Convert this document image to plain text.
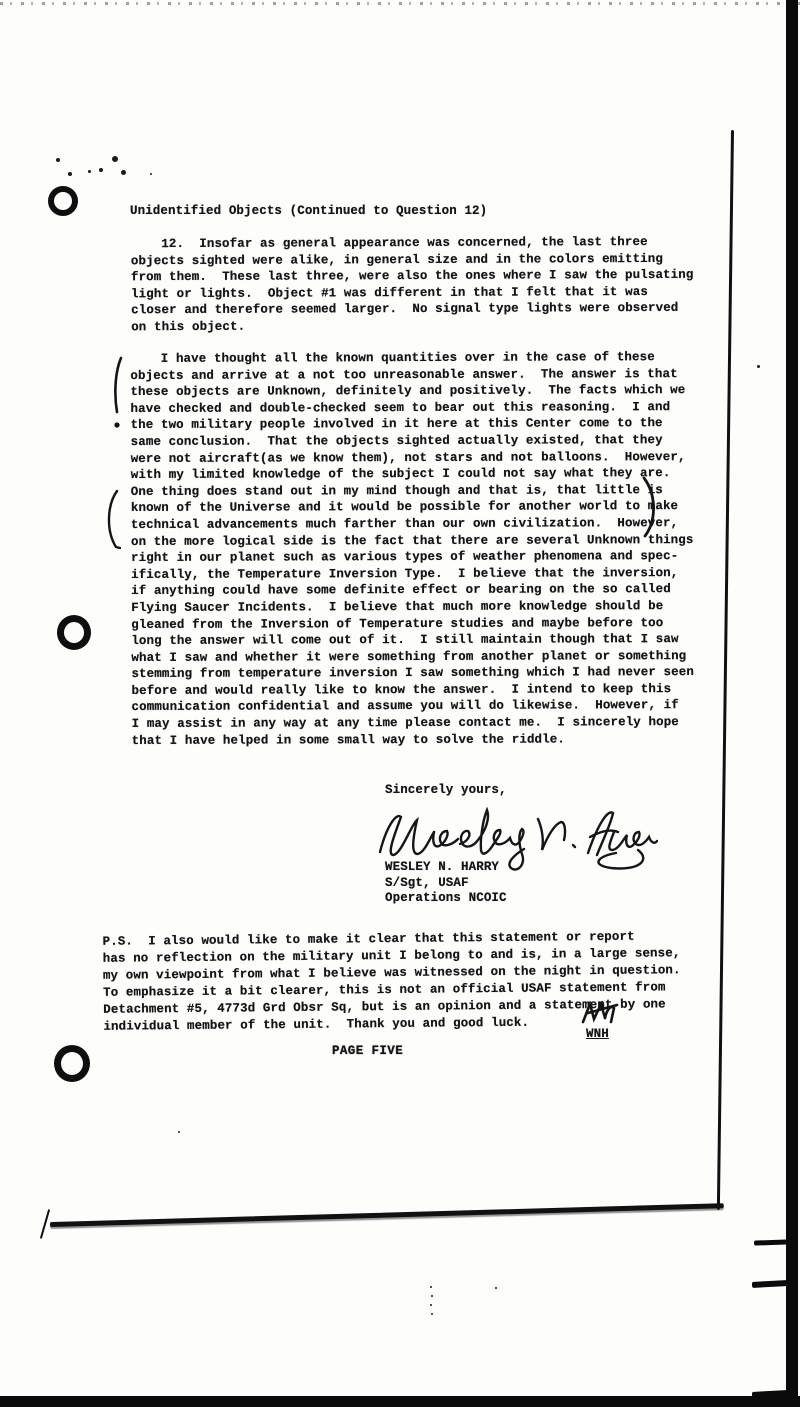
Unidentified Objects (Continued to Question 12)
12.  Insofar as general appearance was concerned, the last three
objects sighted were alike, in general size and in the colors emitting
from them.  These last three, were also the ones where I saw the pulsating
light or lights.  Object #1 was different in that I felt that it was
closer and therefore seemed larger.  No signal type lights were observed
on this object.
I have thought all the known quantities over in the case of these
objects and arrive at a not too unreasonable answer.  The answer is that
these objects are Unknown, definitely and positively.  The facts which we
have checked and double-checked seem to bear out this reasoning.  I and
the two military people involved in it here at this Center come to the
same conclusion.  That the objects sighted actually existed, that they
were not aircraft(as we know them), not stars and not balloons.  However,
with my limited knowledge of the subject I could not say what they are.
One thing does stand out in my mind though and that is, that little is
known of the Universe and it would be possible for another world to make
technical advancements much farther than our own civilization.  However,
on the more logical side is the fact that there are several Unknown things
right in our planet such as various types of weather phenomena and spec-
ifically, the Temperature Inversion Type.  I believe that the inversion,
if anything could have some definite effect or bearing on the so called
Flying Saucer Incidents.  I believe that much more knowledge should be
gleaned from the Inversion of Temperature studies and maybe before too
long the answer will come out of it.  I still maintain though that I saw
what I saw and whether it were something from another planet or something
stemming from temperature inversion I saw something which I had never seen
before and would really like to know the answer.  I intend to keep this
communication confidential and assume you will do likewise.  However, if
I may assist in any way at any time please contact me.  I sincerely hope
that I have helped in some small way to solve the riddle.
Sincerely yours,
WESLEY N. HARRY
S/Sgt, USAF
Operations NCOIC
P.S.  I also would like to make it clear that this statement or report
has no reflection on the military unit I belong to and is, in a large sense,
my own viewpoint from what I believe was witnessed on the night in question.
To emphasize it a bit clearer, this is not an official USAF statement from
Detachment #5, 4773d Grd Obsr Sq, but is an opinion and a statement by one
individual member of the unit.  Thank you and good luck.
WNH
PAGE FIVE
